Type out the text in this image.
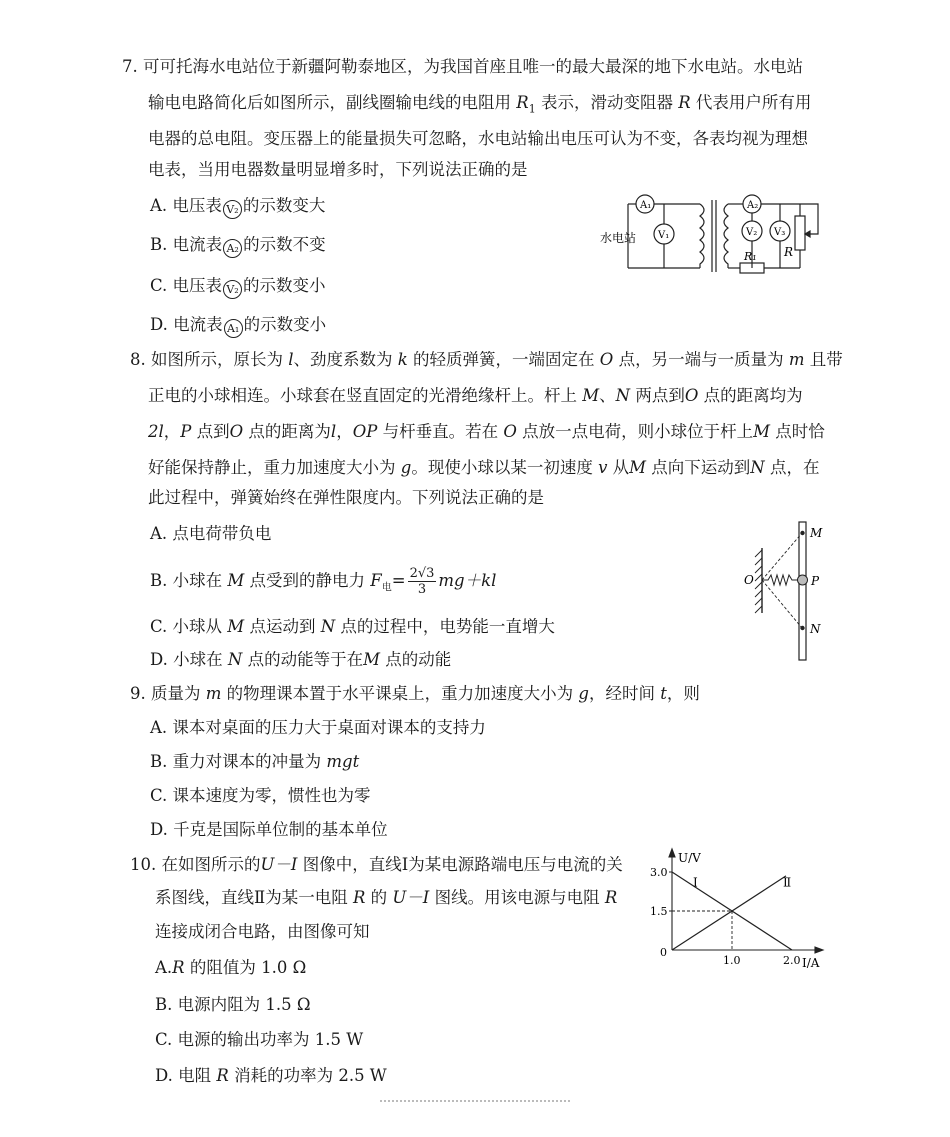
7. 可可托海水电站位于新疆阿勒泰地区，为我国首座且唯一的最大最深的地下水电站。水电站
输电电路简化后如图所示，副线圈输电线的电阻用 $R_1$ 表示，滑动变阻器 R 代表用户所有用
电器的总电阻。变压器上的能量损失可忽略，水电站输出电压可认为不变，各表均视为理想
电表，当用电器数量明显增多时，下列说法正确的是
A. 电压表 V₂ 的示数变大
B. 电流表 A₂ 的示数不变
C. 电压表 V₂ 的示数变小
D. 电流表 A₁ 的示数变小
A₁
V₁
A₂
V₂ V₃
R₁ R
水电站
8. 如图所示，原长为 l、劲度系数为 k 的轻质弹簧，一端固定在 O 点，另一端与一质量为 m 且带
正电的小球相连。小球套在竖直固定的光滑绝缘杆上。杆上 M、N 两点到O 点的距离均为
2l，P 点到O 点的距离为l，OP 与杆垂直。若在 O 点放一点电荷，则小球位于杆上M 点时恰
好能保持静止，重力加速度大小为 g。现使小球以某一初速度 v 从M 点向下运动到N 点，在
此过程中，弹簧始终在弹性限度内。下列说法正确的是
A. 点电荷带负电
B. 小球在 M 点受到的静电力 $F_电= \frac{2√3}{3} mg+kl$
C. 小球从 M 点运动到 N 点的过程中，电势能一直增大
D. 小球在 N 点的动能等于在M 点的动能
M
P
N
O
9. 质量为 m 的物理课本置于水平课桌上，重力加速度大小为 g，经时间 t，则
A. 课本对桌面的压力大于桌面对课本的支持力
B. 重力对课本的冲量为 mgt
C. 课本速度为零，惯性也为零
D. 千克是国际单位制的基本单位
10. 在如图所示的U－I 图像中，直线Ⅰ为某电源路端电压与电流的关
系图线，直线Ⅱ为某一电阻 R 的 U－I 图线。用该电源与电阻 R
连接成闭合电路，由图像可知
A.R 的阻值为 1.0 Ω
B. 电源内阻为 1.5 Ω
C. 电源的输出功率为 1.5 W
D. 电阻 R 消耗的功率为 2.5 W
Ⅰ	Ⅱ
1.5
3.0
1.0	2.0
U/V
I/A
0
